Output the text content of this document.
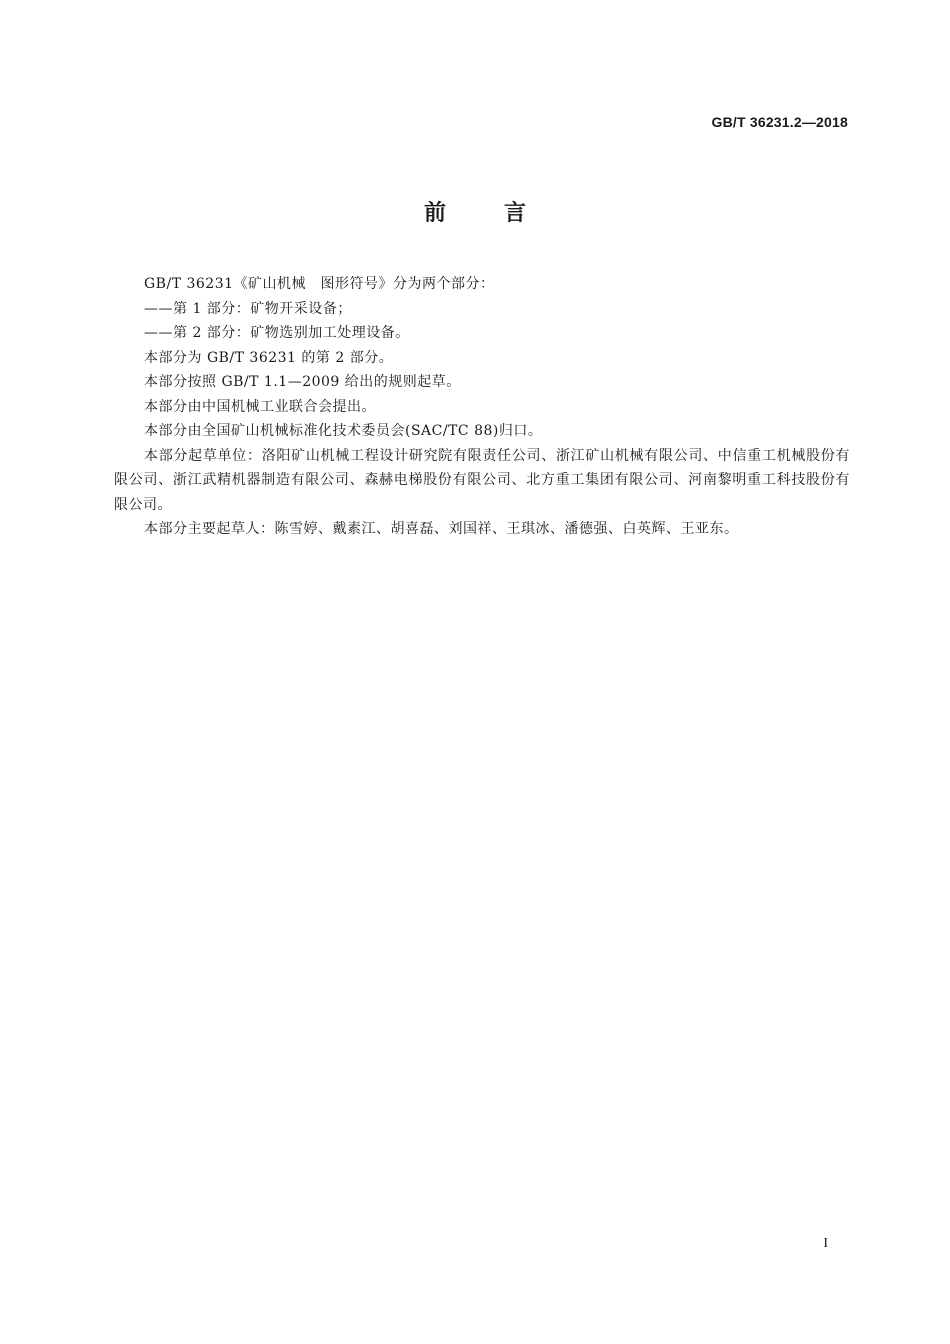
GB/T 36231.2—2018
前言

GB/T 36231《矿山机械　图形符号》分为两个部分：

——第 1 部分：矿物开采设备；

——第 2 部分：矿物选别加工处理设备。

本部分为 GB/T 36231 的第 2 部分。

本部分按照 GB/T 1.1—2009 给出的规则起草。

本部分由中国机械工业联合会提出。

本部分由全国矿山机械标准化技术委员会(SAC/TC 88)归口。

本部分起草单位：洛阳矿山机械工程设计研究院有限责任公司、浙江矿山机械有限公司、中信重工机械股份有限公司、浙江武精机器制造有限公司、森赫电梯股份有限公司、北方重工集团有限公司、河南黎明重工科技股份有限公司。

本部分主要起草人：陈雪婷、戴素江、胡喜磊、刘国祥、王琪冰、潘德强、白英辉、王亚东。

I
